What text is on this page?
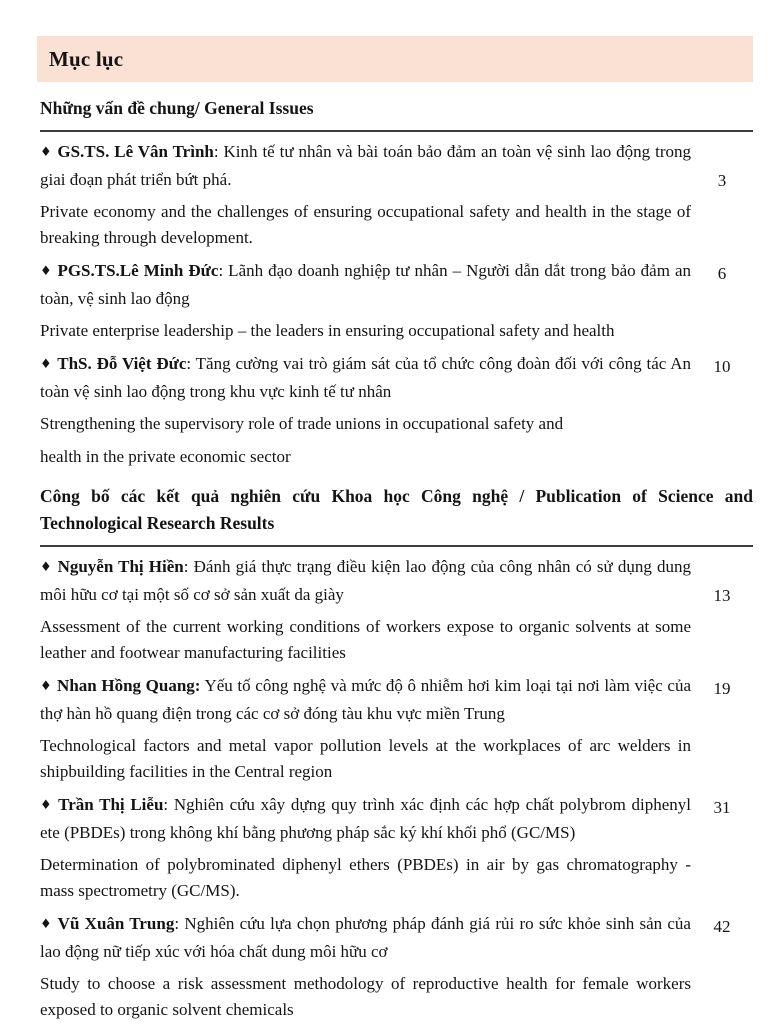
Mục lục
Những vấn đề chung/ General Issues

♦ GS.TS. Lê Vân Trình: Kinh tế tư nhân và bài toán bảo đảm an toàn vệ sinh lao động trong giai đoạn phát triển bứt phá.

Private economy and the challenges of ensuring occupational safety and health in the stage of breaking through development.

3

♦ PGS.TS.Lê Minh Đức: Lãnh đạo doanh nghiệp tư nhân – Người dẫn dắt trong bảo đảm an toàn, vệ sinh lao động

Private enterprise leadership – the leaders in ensuring occupational safety and health

6

♦ ThS. Đỗ Việt Đức: Tăng cường vai trò giám sát của tổ chức công đoàn đối với công tác An toàn vệ sinh lao động trong khu vực kinh tế tư nhân

Strengthening the supervisory role of trade unions in occupational safety and

health in the private economic sector

10
Công bố các kết quả nghiên cứu Khoa học Công nghệ / Publication of Science and Technological Research Results

♦ Nguyễn Thị Hiền: Đánh giá thực trạng điều kiện lao động của công nhân có sử dụng dung môi hữu cơ tại một số cơ sở sản xuất da giày

Assessment of the current working conditions of workers expose to organic solvents at some leather and footwear manufacturing facilities

13

♦ Nhan Hồng Quang: Yếu tố công nghệ và mức độ ô nhiễm hơi kim loại tại nơi làm việc của thợ hàn hồ quang điện trong các cơ sở đóng tàu khu vực miền Trung

Technological factors and metal vapor pollution levels at the workplaces of arc welders in shipbuilding facilities in the Central region

19

♦ Trần Thị Liễu: Nghiên cứu xây dựng quy trình xác định các hợp chất polybrom diphenyl ete (PBDEs) trong không khí bằng phương pháp sắc ký khí khối phổ (GC/MS)

Determination of polybrominated diphenyl ethers (PBDEs) in air by gas chromatography - mass spectrometry (GC/MS).

31

♦ Vũ Xuân Trung: Nghiên cứu lựa chọn phương pháp đánh giá rủi ro sức khỏe sinh sản của lao động nữ tiếp xúc với hóa chất dung môi hữu cơ

Study to choose a risk assessment methodology of reproductive health for female workers exposed to organic solvent chemicals

42
